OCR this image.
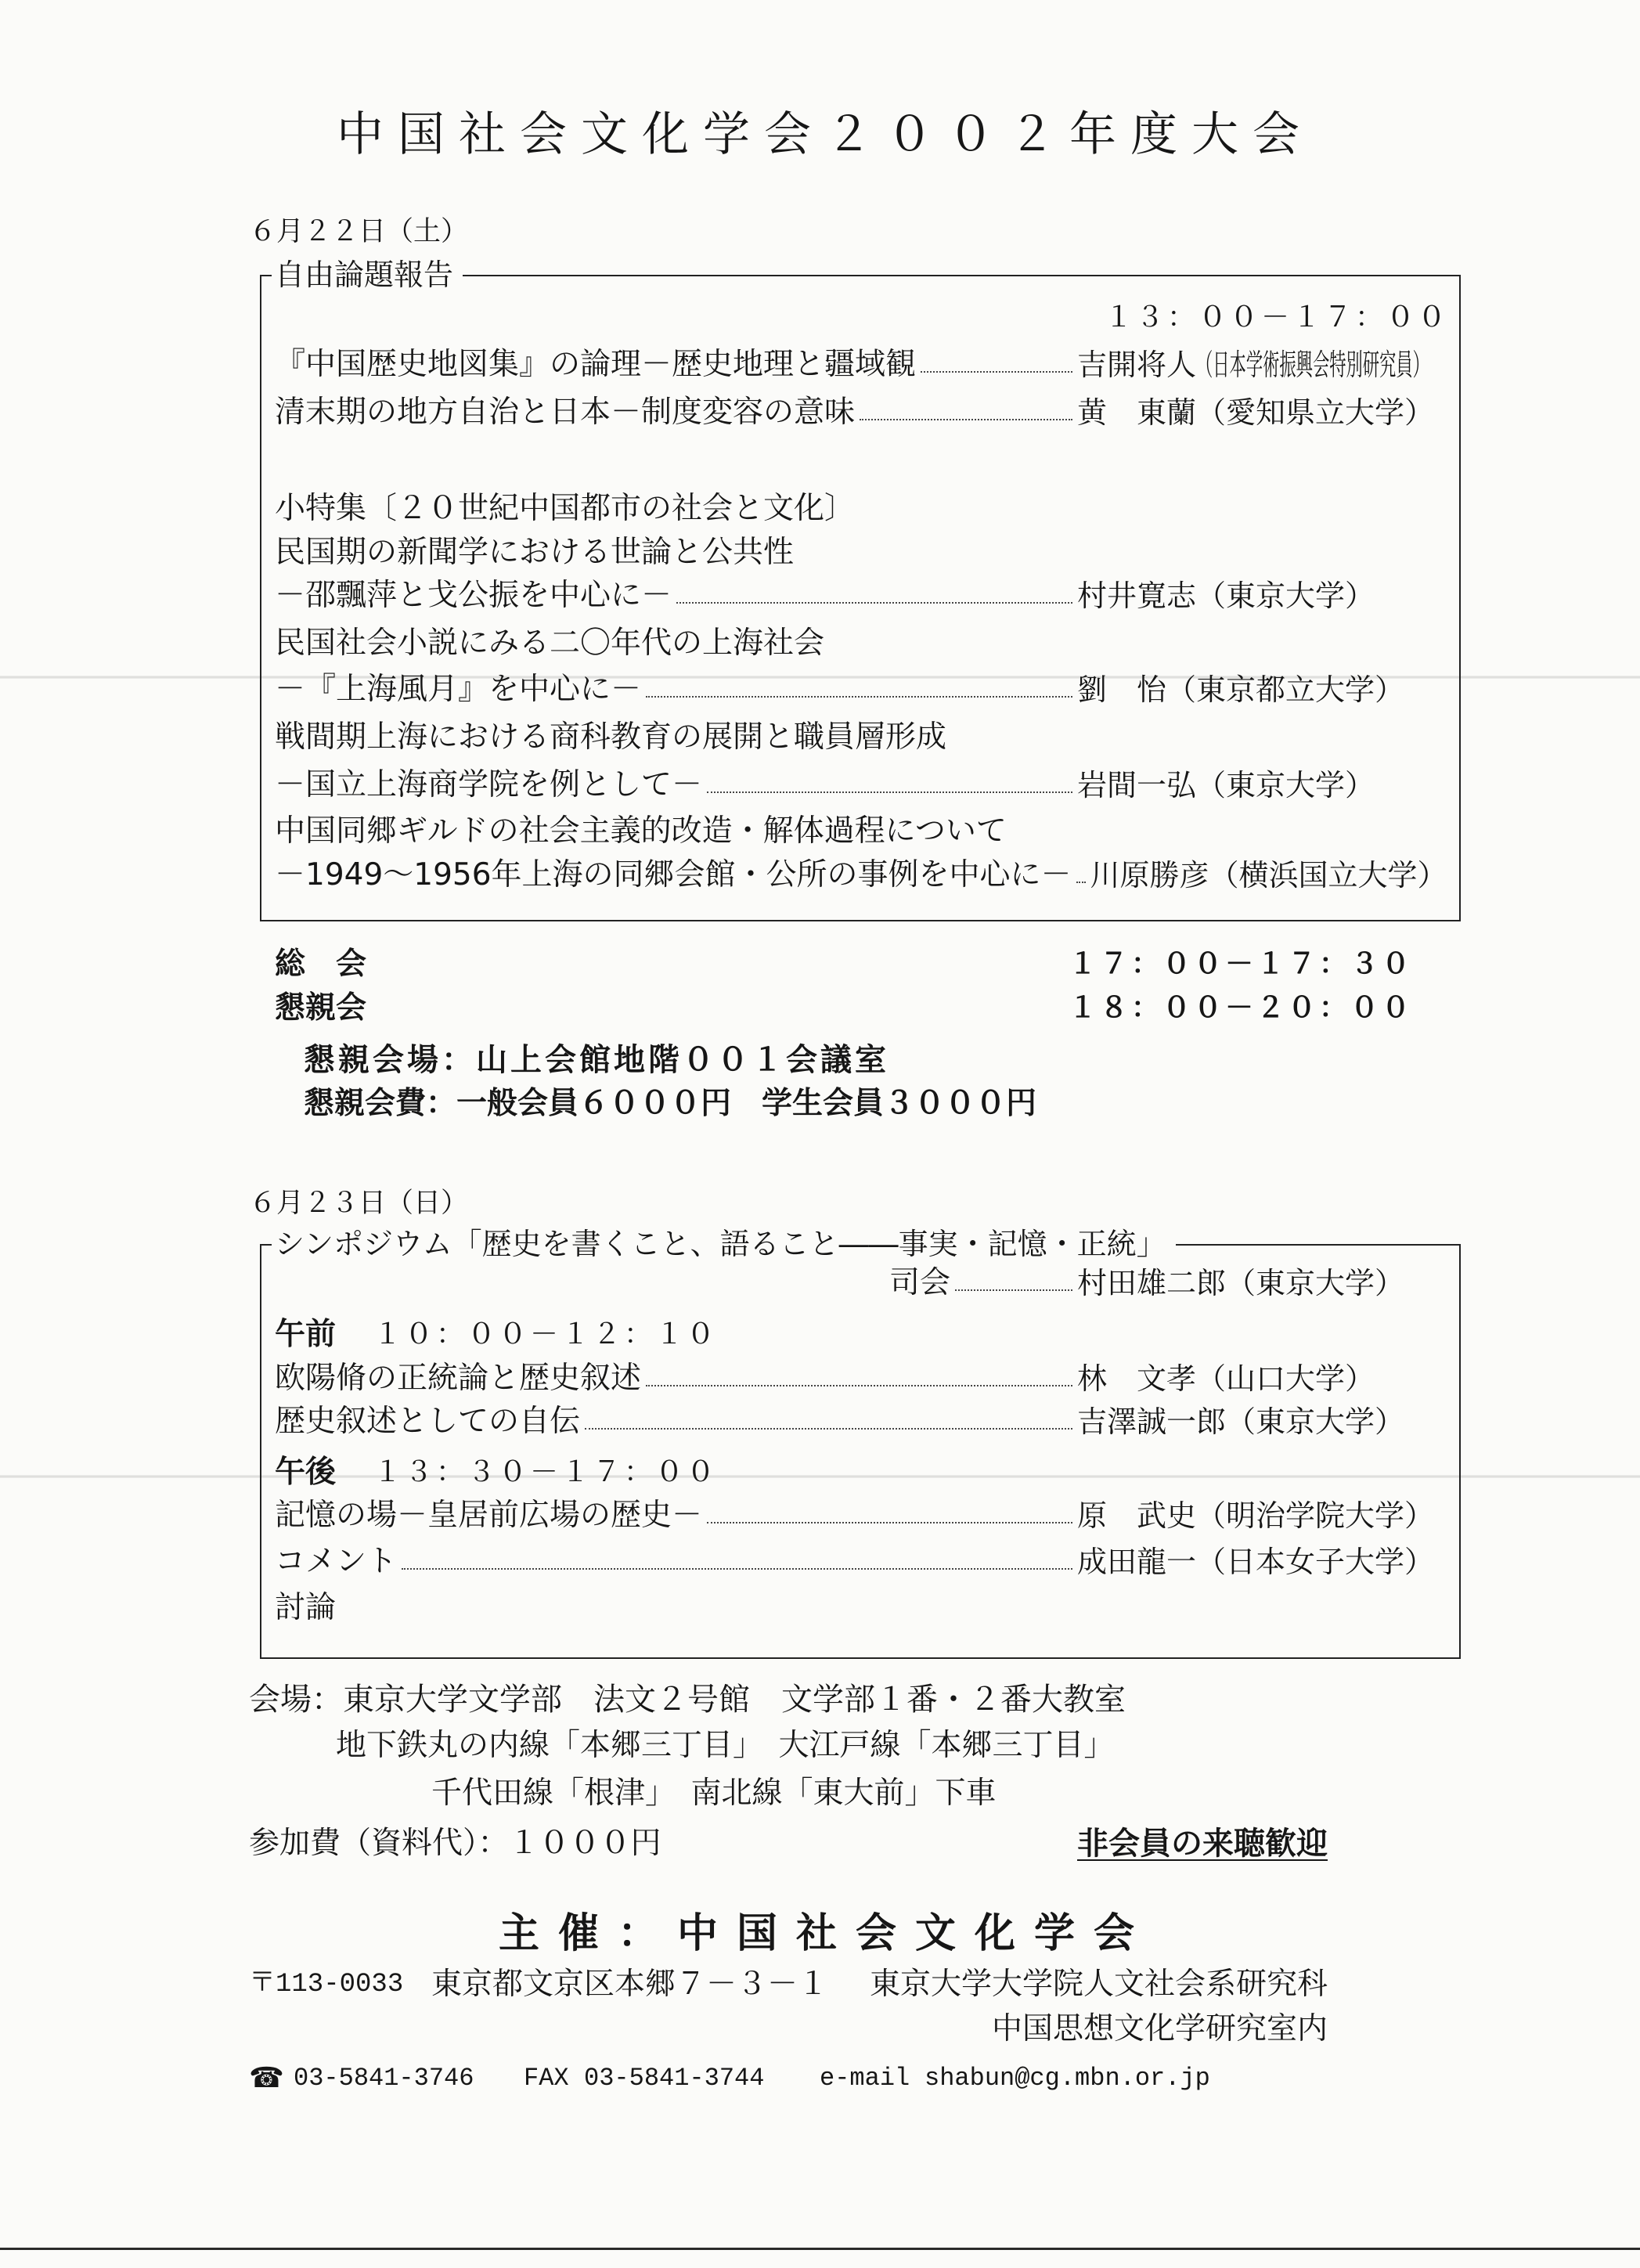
中国社会文化学会２００２年度大会
６月２２日（土）
自由論題報告
１３：００－１７：００
『中国歴史地図集』の論理－歴史地理と疆域観	吉開将人（日本学術振興会特別研究員）
清末期の地方自治と日本－制度変容の意味	黄　東蘭（愛知県立大学）
小特集〔２０世紀中国都市の社会と文化〕
民国期の新聞学における世論と公共性
－邵飄萍と戈公振を中心に－	村井寛志（東京大学）
民国社会小説にみる二〇年代の上海社会
－『上海風月』を中心に－	劉　怡（東京都立大学）
戦間期上海における商科教育の展開と職員層形成
－国立上海商学院を例として－	岩間一弘（東京大学）
中国同郷ギルドの社会主義的改造・解体過程について
－1949～1956年上海の同郷会館・公所の事例を中心に－ 川原勝彦（横浜国立大学）
総　会	１７：００－１７：３０
懇親会	１８：００－２０：００
懇親会場：山上会館地階００１会議室
懇親会費：一般会員６０００円　学生会員３０００円
６月２３日（日）
シンポジウム「歴史を書くこと、語ること――事実・記憶・正統」
司会	村田雄二郎（東京大学）
午前 １０：００－１２：１０
欧陽脩の正統論と歴史叙述	林　文孝（山口大学）
歴史叙述としての自伝	吉澤誠一郎（東京大学）
午後 １３：３０－１７：００
記憶の場－皇居前広場の歴史－	原　武史（明治学院大学）
コメント	成田龍一（日本女子大学）
討論
会場：東京大学文学部　法文２号館　文学部１番・２番大教室
地下鉄丸の内線「本郷三丁目」　大江戸線「本郷三丁目」
千代田線「根津」　南北線「東大前」下車
参加費（資料代）：１０００円	非会員の来聴歓迎
主催：中国社会文化学会
〒113-0033 東京都文京区本郷７－３－１ 東京大学大学院人文社会系研究科
中国思想文化学研究室内
☎ 03-5841-3746 FAX 03-5841-3744 e-mail shabun@cg.mbn.or.jp
